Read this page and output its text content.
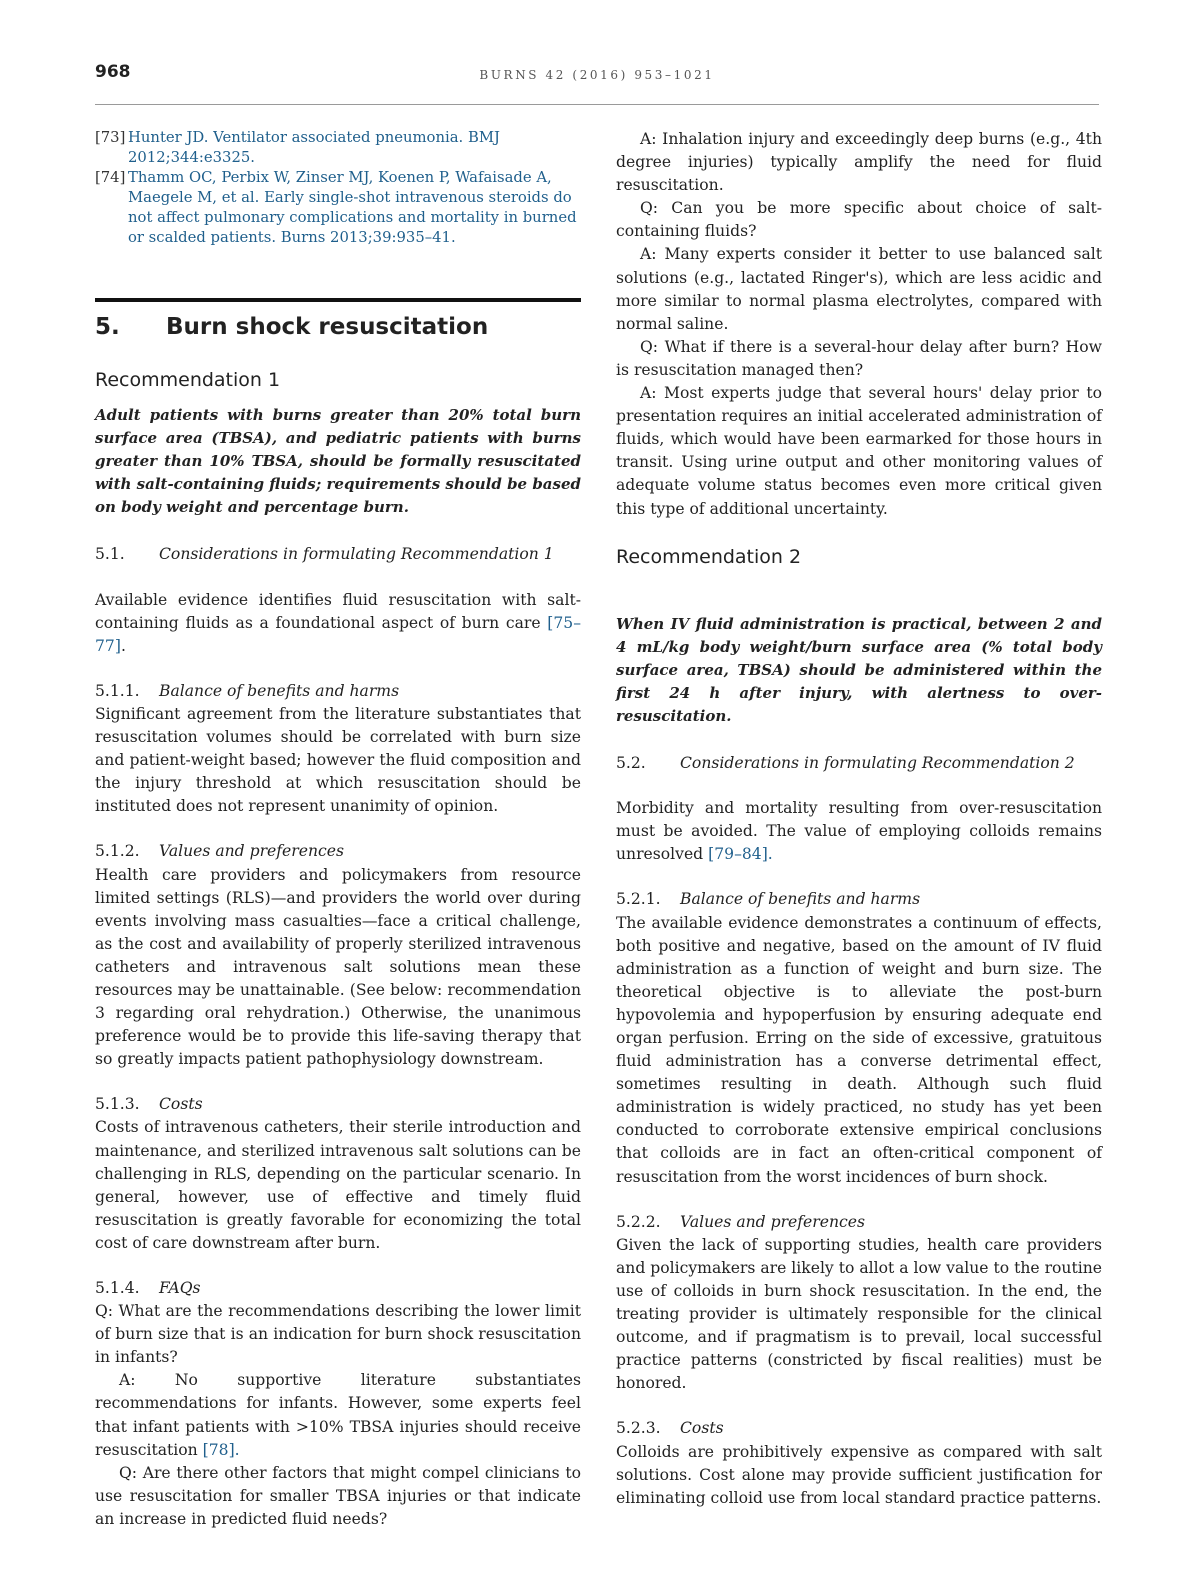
968	BURNS 42 (2016) 953–1021
[73] Hunter JD. Ventilator associated pneumonia. BMJ 2012;344:e3325.
[74] Thamm OC, Perbix W, Zinser MJ, Koenen P, Wafaisade A, Maegele M, et al. Early single-shot intravenous steroids do not affect pulmonary complications and mortality in burned or scalded patients. Burns 2013;39:935–41.
5. Burn shock resuscitation
Recommendation 1

Adult patients with burns greater than 20% total burn surface area (TBSA), and pediatric patients with burns greater than 10% TBSA, should be formally resuscitated with salt-containing fluids; requirements should be based on body weight and percentage burn.

5.1. Considerations in formulating Recommendation 1

Available evidence identifies fluid resuscitation with salt-containing fluids as a foundational aspect of burn care [75–77].

5.1.1. Balance of benefits and harms

Significant agreement from the literature substantiates that resuscitation volumes should be correlated with burn size and patient-weight based; however the fluid composition and the injury threshold at which resuscitation should be instituted does not represent unanimity of opinion.

5.1.2. Values and preferences

Health care providers and policymakers from resource limited settings (RLS)—and providers the world over during events involving mass casualties—face a critical challenge, as the cost and availability of properly sterilized intravenous catheters and intravenous salt solutions mean these resources may be unattainable. (See below: recommendation 3 regarding oral rehydration.) Otherwise, the unanimous preference would be to provide this life-saving therapy that so greatly impacts patient pathophysiology downstream.

5.1.3. Costs

Costs of intravenous catheters, their sterile introduction and maintenance, and sterilized intravenous salt solutions can be challenging in RLS, depending on the particular scenario. In general, however, use of effective and timely fluid resuscitation is greatly favorable for economizing the total cost of care downstream after burn.

5.1.4. FAQs

Q: What are the recommendations describing the lower limit of burn size that is an indication for burn shock resuscitation in infants?

A: No supportive literature substantiates recommendations for infants. However, some experts feel that infant patients with >10% TBSA injuries should receive resuscitation [78].

Q: Are there other factors that might compel clinicians to use resuscitation for smaller TBSA injuries or that indicate an increase in predicted fluid needs?

A: Inhalation injury and exceedingly deep burns (e.g., 4th degree injuries) typically amplify the need for fluid resuscitation.

Q: Can you be more specific about choice of salt-containing fluids?

A: Many experts consider it better to use balanced salt solutions (e.g., lactated Ringer's), which are less acidic and more similar to normal plasma electrolytes, compared with normal saline.

Q: What if there is a several-hour delay after burn? How is resuscitation managed then?

A: Most experts judge that several hours' delay prior to presentation requires an initial accelerated administration of fluids, which would have been earmarked for those hours in transit. Using urine output and other monitoring values of adequate volume status becomes even more critical given this type of additional uncertainty.

Recommendation 2

When IV fluid administration is practical, between 2 and 4 mL/kg body weight/burn surface area (% total body surface area, TBSA) should be administered within the first 24 h after injury, with alertness to over-resuscitation.

5.2. Considerations in formulating Recommendation 2

Morbidity and mortality resulting from over-resuscitation must be avoided. The value of employing colloids remains unresolved [79–84].

5.2.1. Balance of benefits and harms

The available evidence demonstrates a continuum of effects, both positive and negative, based on the amount of IV fluid administration as a function of weight and burn size. The theoretical objective is to alleviate the post-burn hypovolemia and hypoperfusion by ensuring adequate end organ perfusion. Erring on the side of excessive, gratuitous fluid administration has a converse detrimental effect, sometimes resulting in death. Although such fluid administration is widely practiced, no study has yet been conducted to corroborate extensive empirical conclusions that colloids are in fact an often-critical component of resuscitation from the worst incidences of burn shock.

5.2.2. Values and preferences

Given the lack of supporting studies, health care providers and policymakers are likely to allot a low value to the routine use of colloids in burn shock resuscitation. In the end, the treating provider is ultimately responsible for the clinical outcome, and if pragmatism is to prevail, local successful practice patterns (constricted by fiscal realities) must be honored.

5.2.3. Costs

Colloids are prohibitively expensive as compared with salt solutions. Cost alone may provide sufficient justification for eliminating colloid use from local standard practice patterns.
